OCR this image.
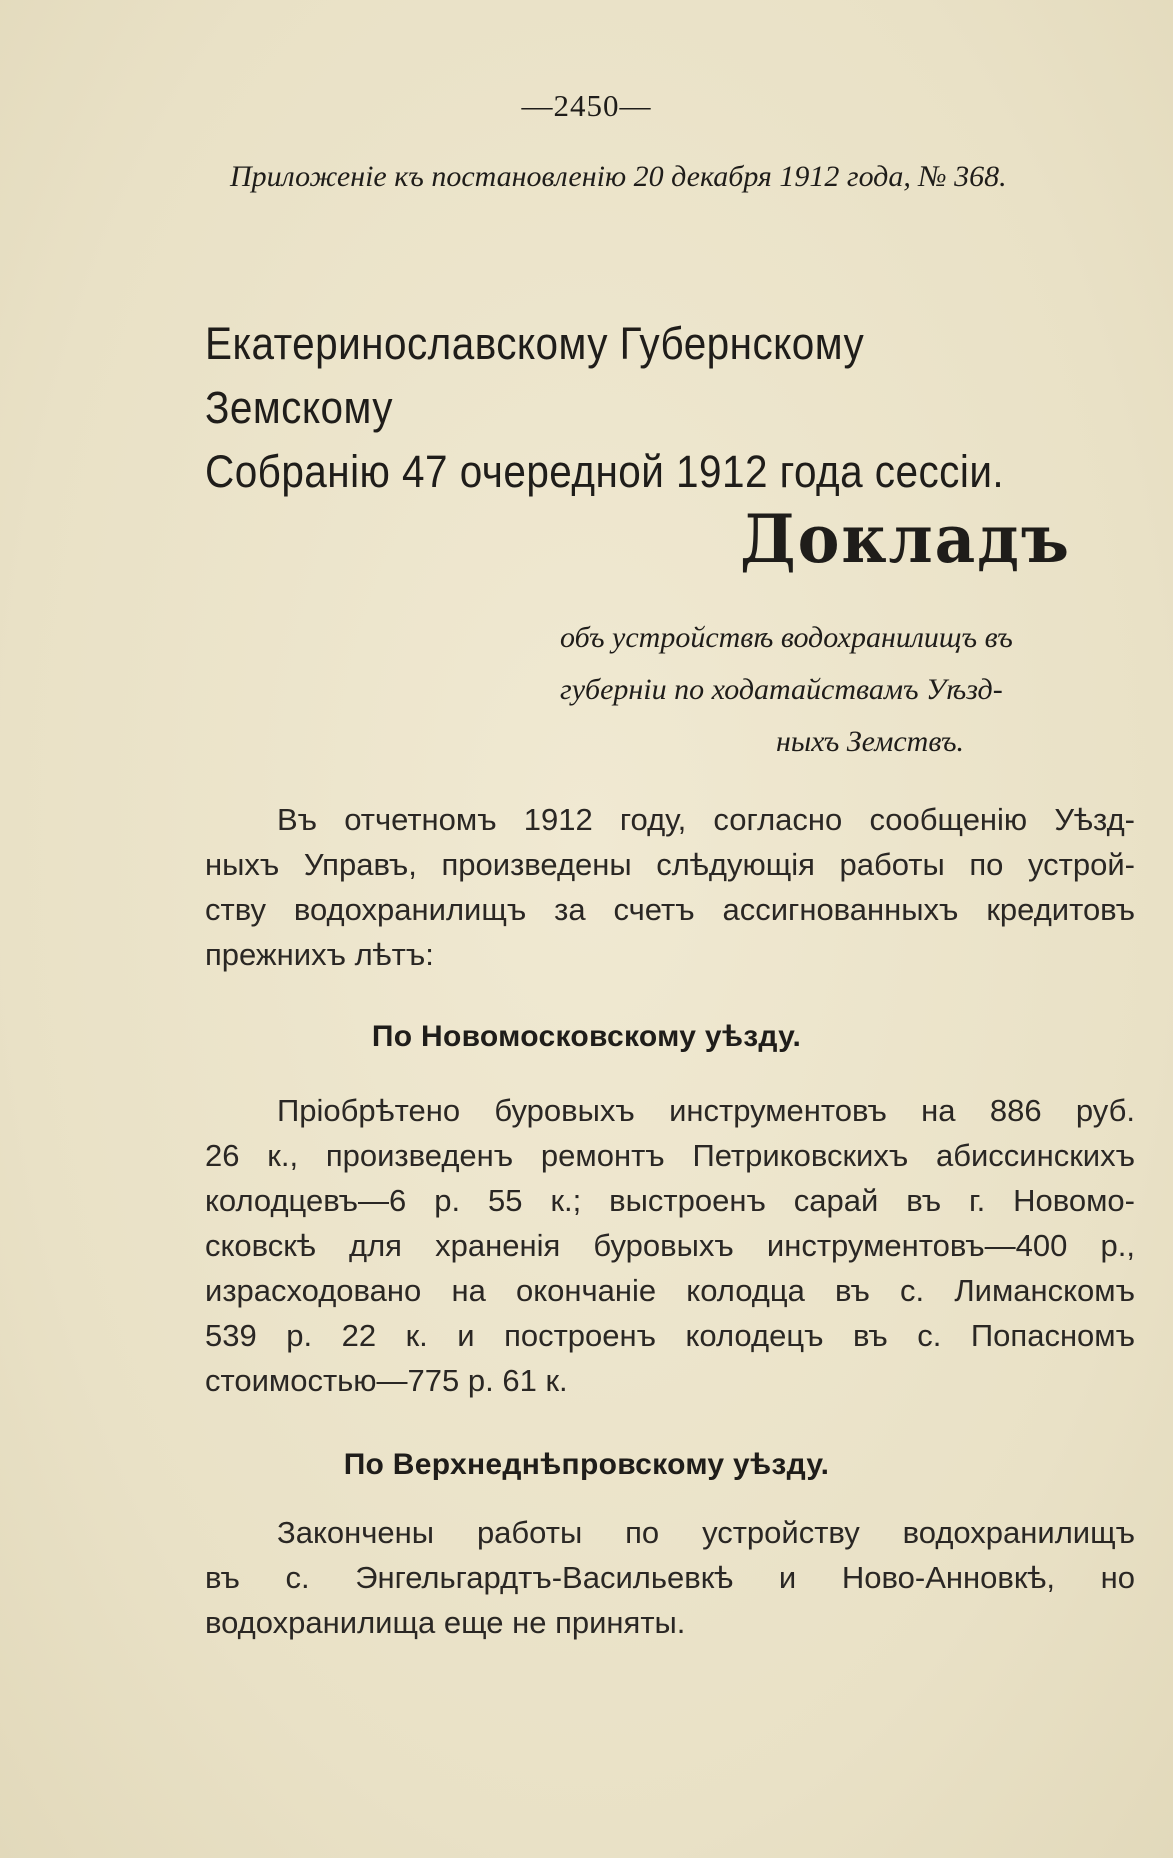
—2450—
Приложеніе къ постановленію 20 декабря 1912 года, № 368.
Екатеринославскому Губернскому Земскому
Собранію 47 очередной 1912 года сессіи.
Докладъ
объ устройствѣ водохранилищъ въ
губерніи по ходатайствамъ Уѣзд-
ныхъ Земствъ.
Въ отчетномъ 1912 году, согласно сообщенію Уѣзд-
ныхъ Управъ, произведены слѣдующія работы по устрой-
ству водохранилищъ за счетъ ассигнованныхъ кредитовъ
прежнихъ лѣтъ:
По Новомосковскому уѣзду.
Пріобрѣтено буровыхъ инструментовъ на 886 руб.
26 к., произведенъ ремонтъ Петриковскихъ абиссинскихъ
колодцевъ—6 р. 55 к.; выстроенъ сарай въ г. Новомо-
сковскѣ для храненія буровыхъ инструментовъ—400 р.,
израсходовано на окончаніе колодца въ с. Лиманскомъ
539 р. 22 к. и построенъ колодецъ въ с. Попасномъ
стоимостью—775 р. 61 к.
По Верхнеднѣпровскому уѣзду.
Закончены работы по устройству водохранилищъ
въ с. Энгельгардтъ-Васильевкѣ и Ново-Анновкѣ, но
водохранилища еще не приняты.
